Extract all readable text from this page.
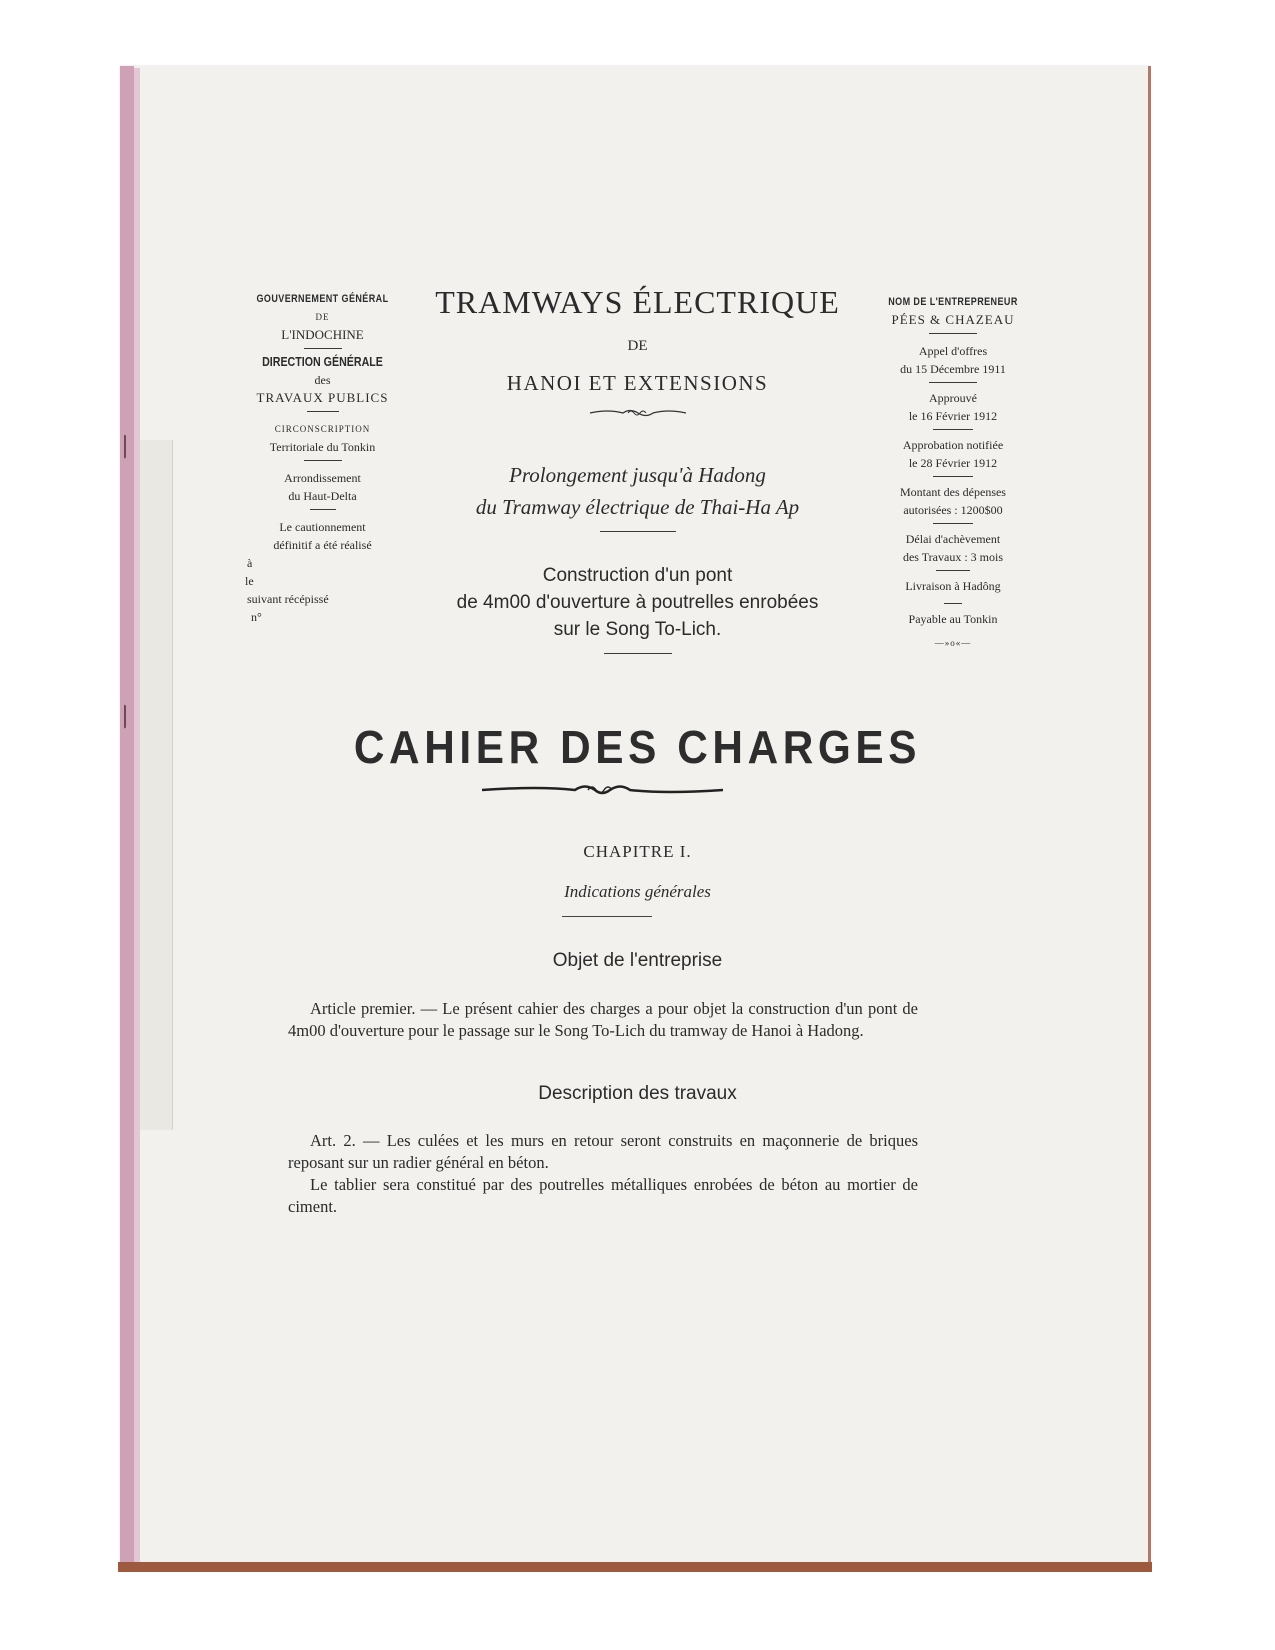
GOUVERNEMENT GÉNÉRAL
DE
L'INDOCHINE
DIRECTION GÉNÉRALE
des
TRAVAUX PUBLICS
CIRCONSCRIPTION
Territoriale du Tonkin
Arrondissement
du Haut-Delta
Le cautionnement
définitif a été réalisé
à
le
suivant récépissé
n°
TRAMWAYS ÉLECTRIQUE
DE
HANOI ET EXTENSIONS
Prolongement jusqu'à Hadong
du Tramway électrique de Thai-Ha Ap
Construction d'un pont
de 4m00 d'ouverture à poutrelles enrobées
sur le Song To-Lich.
NOM DE L'ENTREPRENEUR
PÉES & CHAZEAU
Appel d'offres
du 15 Décembre 1911
Approuvé
le 16 Février 1912
Approbation notifiée
le 28 Février 1912
Montant des dépenses
autorisées : 1200$00
Délai d'achèvement
des Travaux : 3 mois
Livraison à Hadông
Payable au Tonkin
—»o«—
CAHIER DES CHARGES
CHAPITRE I.
Indications générales
Objet de l'entreprise
Article premier. — Le présent cahier des charges a pour objet la construction d'un pont de 4m00 d'ouverture pour le passage sur le Song To-Lich du tramway de Hanoi à Hadong.
Description des travaux
Art. 2. — Les culées et les murs en retour seront construits en maçonnerie de briques reposant sur un radier général en béton.
Le tablier sera constitué par des poutrelles métalliques enrobées de béton au mortier de ciment.
